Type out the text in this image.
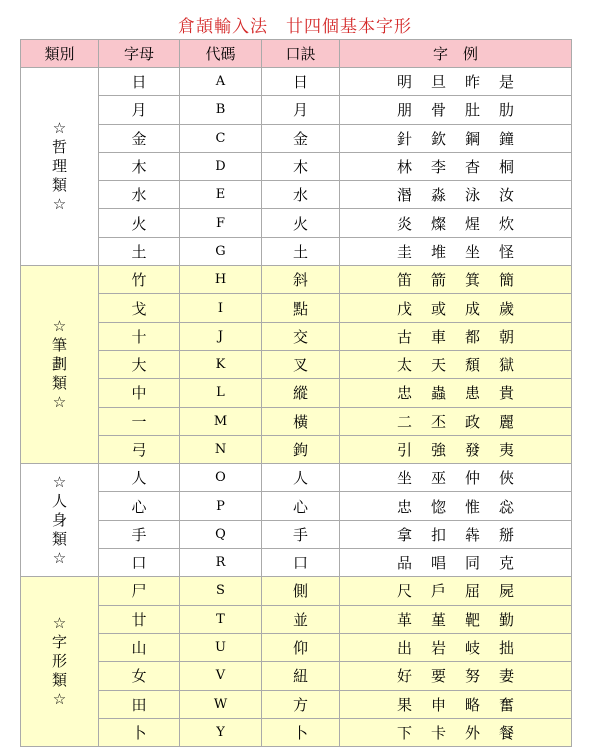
倉頡輸入法　廿四個基本字形
類別	字母	代碼	口訣	字　例

☆
哲
理
類
☆	日	A	日	明 旦 昨 是
	月	B	月	朋 骨 肚 肋
	金	C	金	針 欽 鋼 鐘
	木	D	木	林 李 杳 桐
	水	E	水	湣 淼 泳 汝
	火	F	火	炎 燦 煋 炊
	土	G	土	圭 堆 坐 怪

☆
筆
劃
類
☆	竹	H	斜	笛 箭 箕 簡
	戈	I	點	戊 或 成 歲
	十	J	交	古 車 都 朝
	大	K	叉	太 天 頹 獄
	中	L	縱	忠 蟲 患 貴
	一	M	橫	二 丕 政 麗
	弓	N	鉤	引 強 發 夷

☆
人
身
類
☆	人	O	人	坐 巫 仲 俠
	心	P	心	忠 惚 惟 惢
	手	Q	手	拿 扣 犇 掰
	口	R	口	品 唱 同 克

☆
字
形
類
☆	尸	S	側	尺 戶 屈 屍
	廿	T	並	革 堇 靶 勤
	山	U	仰	出 岩 岐 拙
	女	V	紐	好 要 努 妻
	田	W	方	果 申 略 奮
	卜	Y	卜	下 卡 外 餐
